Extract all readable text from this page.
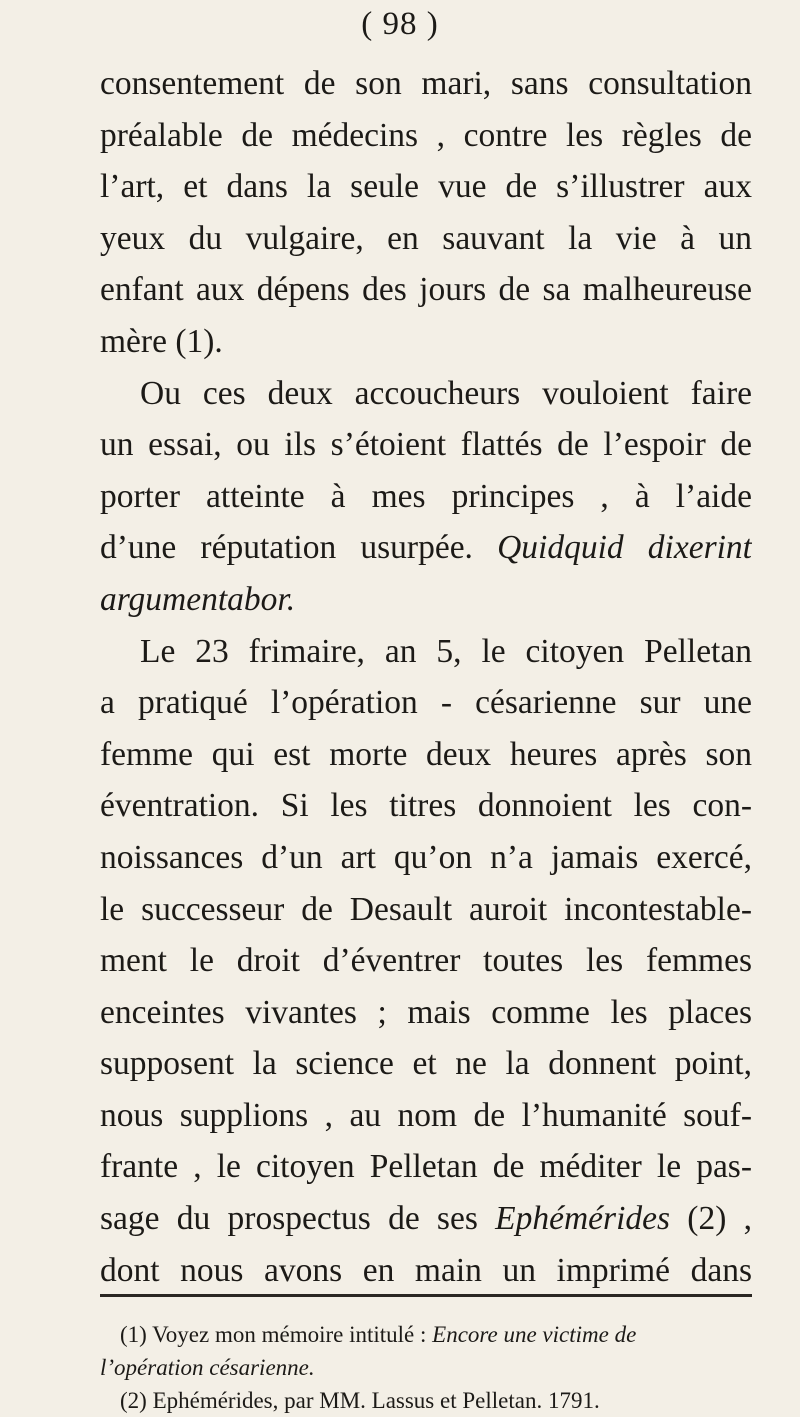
( 98 )
consentement de son mari, sans consultation
préalable de médecins , contre les règles de
l’art, et dans la seule vue de s’illustrer aux
yeux du vulgaire, en sauvant la vie à un
enfant aux dépens des jours de sa malheureuse
mère (1).
Ou ces deux accoucheurs vouloient faire
un essai, ou ils s’étoient flattés de l’espoir de
porter atteinte à mes principes , à l’aide
d’une réputation usurpée. Quidquid dixerint
argumentabor.
Le 23 frimaire, an 5, le citoyen Pelletan
a pratiqué l’opération - césarienne sur une
femme qui est morte deux heures après son
éventration. Si les titres donnoient les con-
noissances d’un art qu’on n’a jamais exercé,
le successeur de Desault auroit incontestable-
ment le droit d’éventrer toutes les femmes
enceintes vivantes ; mais comme les places
supposent la science et ne la donnent point,
nous supplions , au nom de l’humanité souf-
frante , le citoyen Pelletan de méditer le pas-
sage du prospectus de ses Ephémérides (2) ,
dont nous avons en main un imprimé dans
(1) Voyez mon mémoire intitulé : Encore une victime de
l’opération césarienne.
(2) Ephémérides, par MM. Lassus et Pelletan. 1791.
